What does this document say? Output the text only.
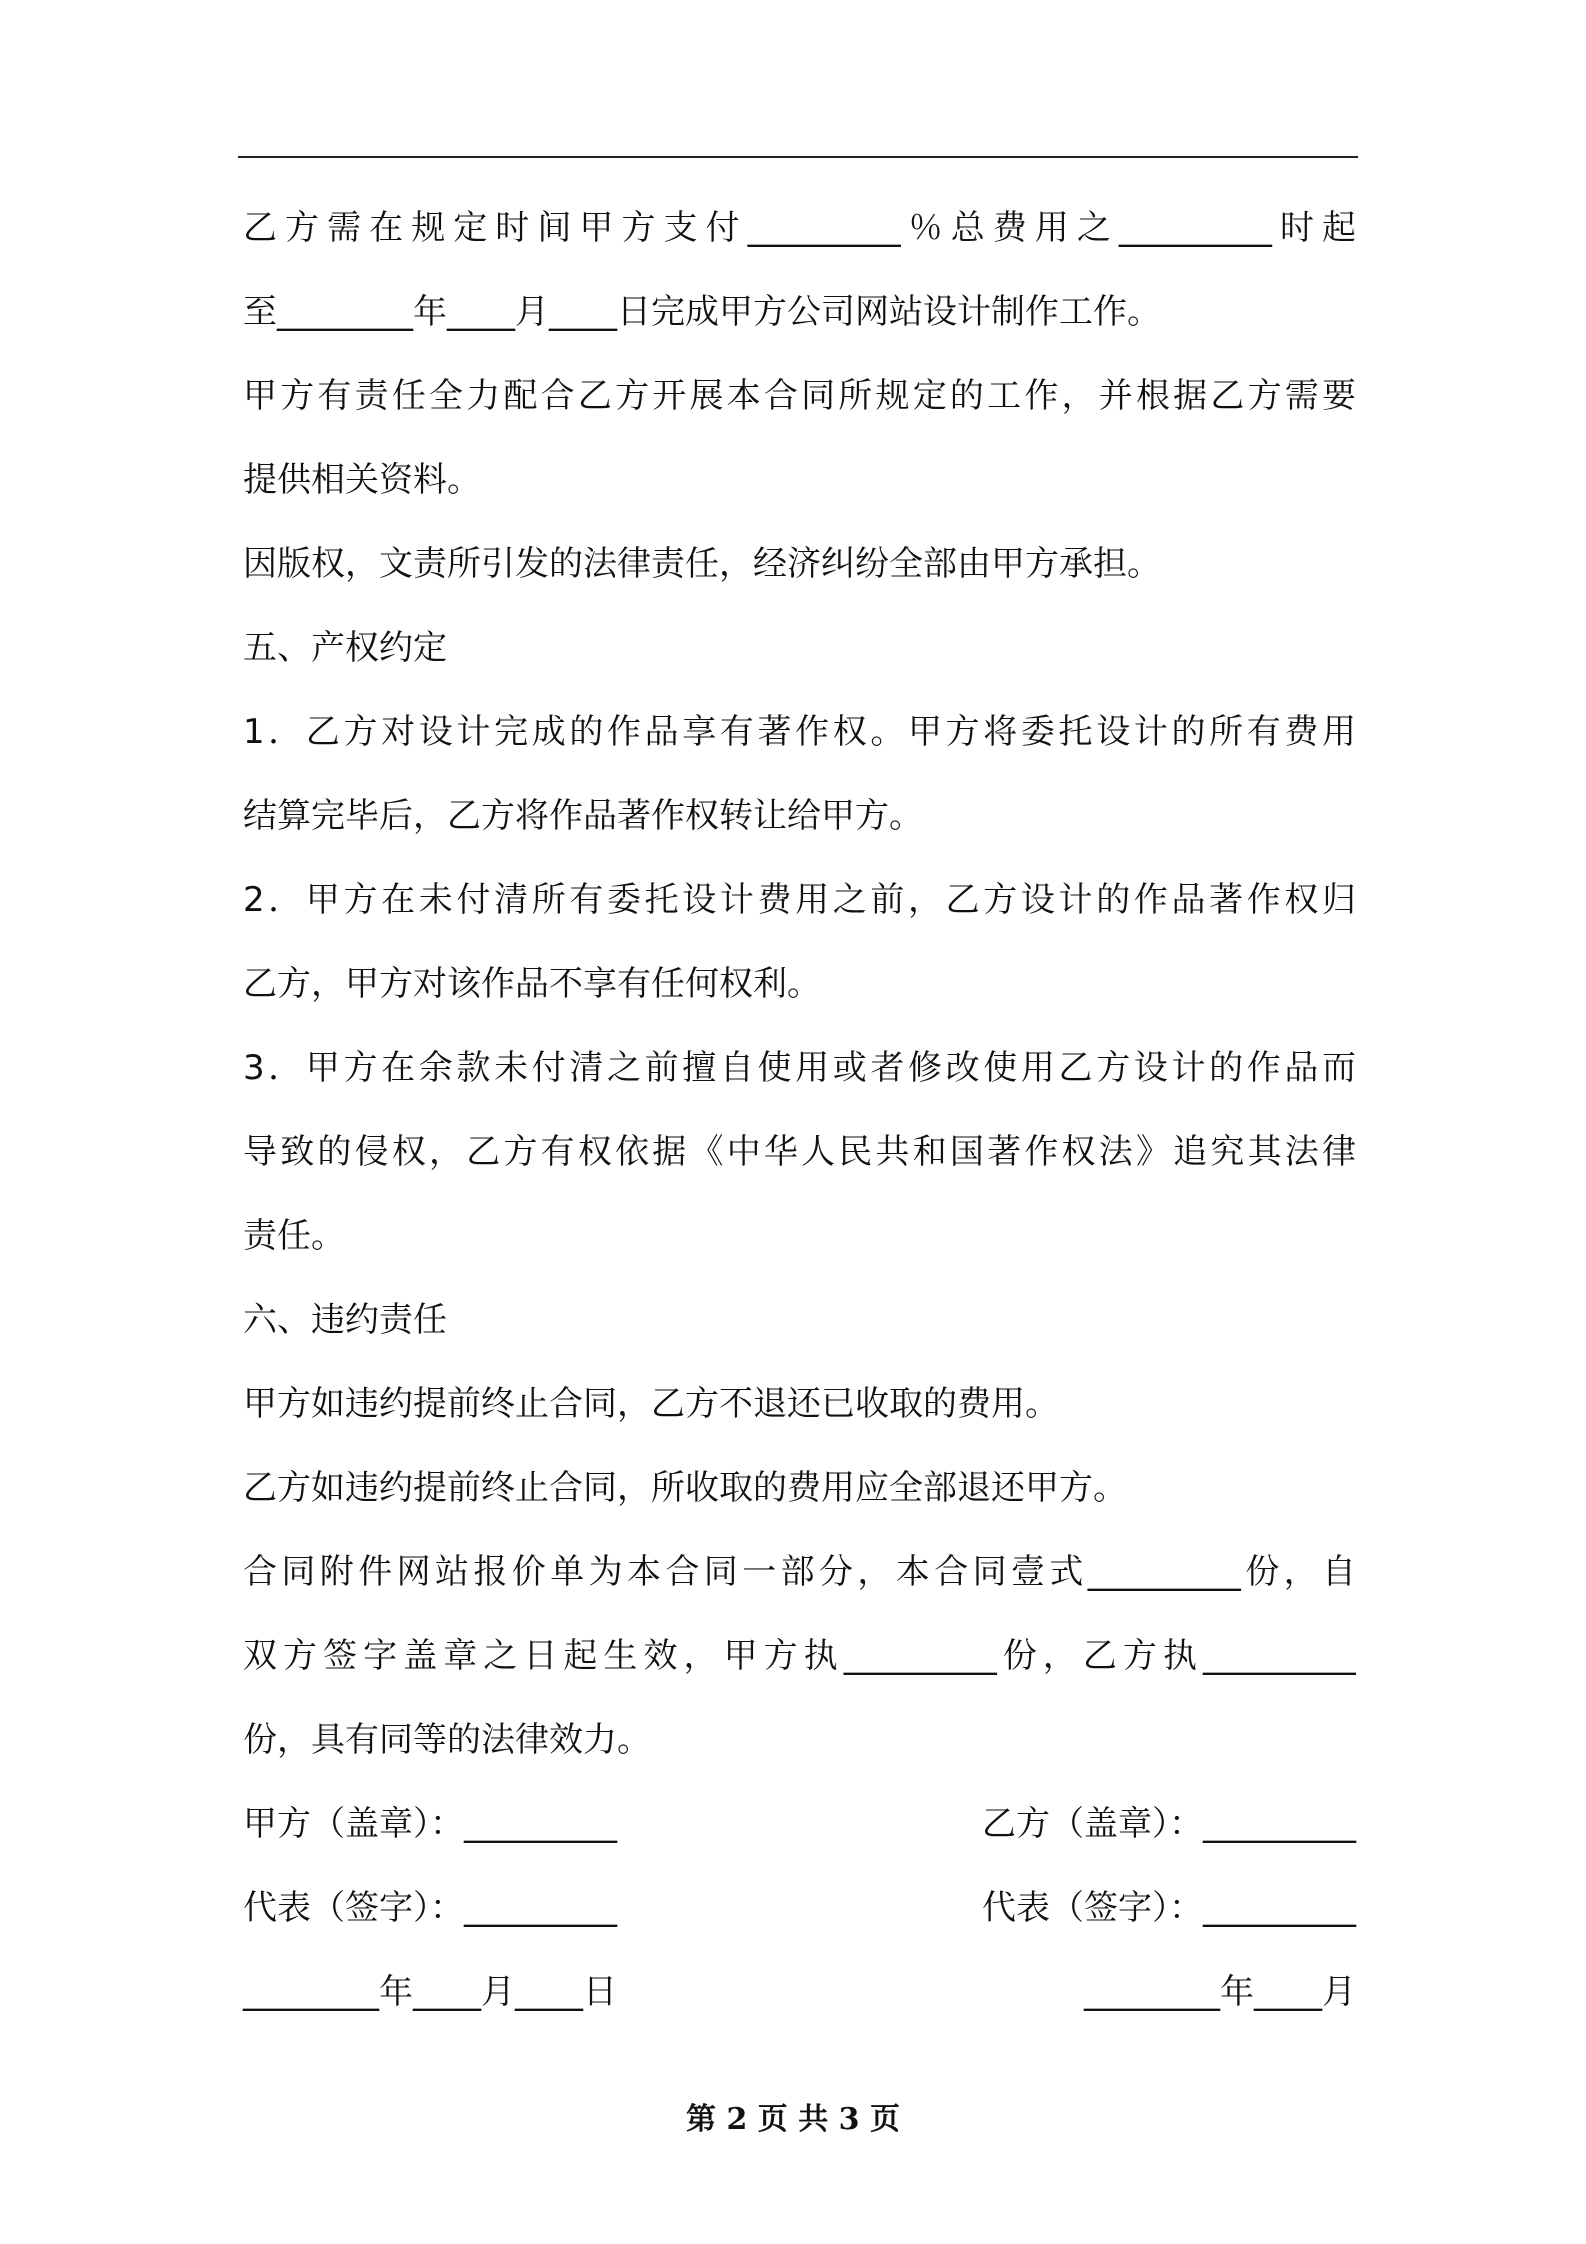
乙方需在规定时间甲方支付_________％总费用之_________时起
至________年____月____日完成甲方公司网站设计制作工作。
甲方有责任全力配合乙方开展本合同所规定的工作，并根据乙方需要
提供相关资料。
因版权，文责所引发的法律责任，经济纠纷全部由甲方承担。
五、产权约定
1．乙方对设计完成的作品享有著作权。甲方将委托设计的所有费用
结算完毕后，乙方将作品著作权转让给甲方。
2．甲方在未付清所有委托设计费用之前，乙方设计的作品著作权归
乙方，甲方对该作品不享有任何权利。
3．甲方在余款未付清之前擅自使用或者修改使用乙方设计的作品而
导致的侵权，乙方有权依据《中华人民共和国著作权法》追究其法律
责任。
六、违约责任
甲方如违约提前终止合同，乙方不退还已收取的费用。
乙方如违约提前终止合同，所收取的费用应全部退还甲方。
合同附件网站报价单为本合同一部分，本合同壹式_________份，自
双方签字盖章之日起生效，甲方执_________份，乙方执_________
份，具有同等的法律效力。
甲方（盖章）：_________	乙方（盖章）：_________
代表（签字）：_________	代表（签字）：_________
________年____月____日	________年____月
第 2 页 共 3 页
